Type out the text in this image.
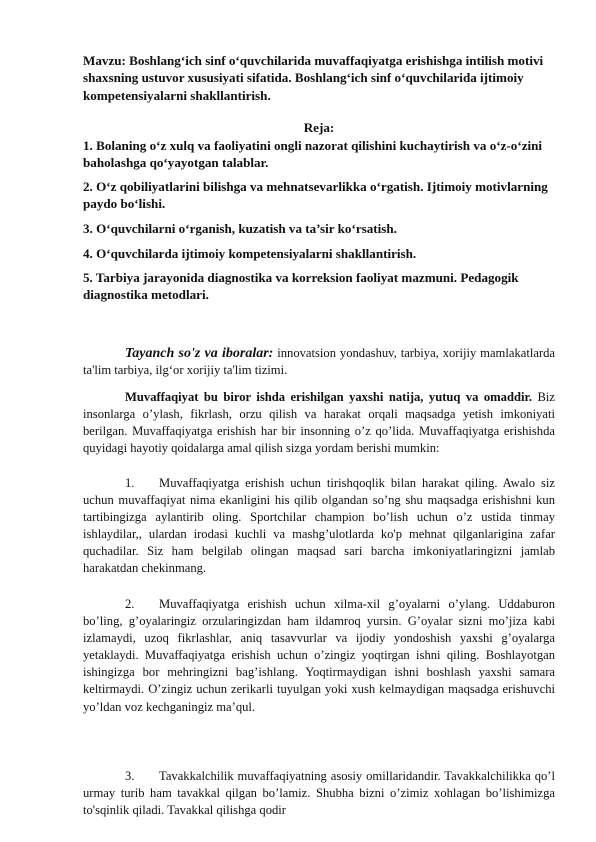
Mavzu: Boshlang‘ich sinf o‘quvchilarida muvaffaqiyatga erishishga intilish motivi shaxsning ustuvor xususiyati sifatida. Boshlang‘ich sinf o‘quvchilarida ijtimoiy kompetensiyalarni shakllantirish.

Reja:

1. Bolaning o‘z xulq va faoliyatini ongli nazorat qilishini kuchaytirish va o‘z-o‘zini baholashga qo‘yayotgan talablar.

2. O‘z qobiliyatlarini bilishga va mehnatsevarlikka o‘rgatish. Ijtimoiy motivlarning paydo bo‘lishi.

3. O‘quvchilarni o‘rganish, kuzatish va ta’sir ko‘rsatish.

4. O‘quvchilarda ijtimoiy kompetensiyalarni shakllantirish.

5. Tarbiya jarayonida diagnostika va korreksion faoliyat mazmuni. Pedagogik diagnostika metodlari.

Tayanch so'z va iboralar: innovatsion yondashuv, tarbiya, xorijiy mamlakatlarda ta'lim tarbiya, ilg‘or xorijiy ta'lim tizimi.

Muvaffaqiyat bu biror ishda erishilgan yaxshi natija, yutuq va omaddir. Biz insonlarga o’ylash, fikrlash, orzu qilish va harakat orqali maqsadga yetish imkoniyati berilgan. Muvaffaqiyatga erishish har bir insonning o’z qo’lida. Muvaffaqiyatga erishishda quyidagi hayotiy qoidalarga amal qilish sizga yordam berishi mumkin:

1. Muvaffaqiyatga erishish uchun tirishqoqlik bilan harakat qiling. Awalo siz uchun muvaffaqiyat nima ekanligini his qilib olgandan so’ng shu maqsadga erishishni kun tartibingizga aylantirib oling. Sportchilar champion bo’lish uchun o’z ustida tinmay ishlaydilar,, ulardan irodasi kuchli va mashg’ulotlarda ko'p mehnat qilganlarigina zafar quchadilar. Siz ham belgilab olingan maqsad sari barcha imkoniyatlaringizni jamlab harakatdan chekinmang.

2. Muvaffaqiyatga erishish uchun xilma-xil g’oyalarni o’ylang. Uddaburon bo’ling, g’oyalaringiz orzularingizdan ham ildamroq yursin. G’oyalar sizni mo’jiza kabi izlamaydi, uzoq fikrlashlar, aniq tasavvurlar va ijodiy yondoshish yaxshi g’oyalarga yetaklaydi. Muvaffaqiyatga erishish uchun o’zingiz yoqtirgan ishni qiling. Boshlayotgan ishingizga bor mehringizni bag’ishlang. Yoqtirmaydigan ishni boshlash yaxshi samara keltirmaydi. O’zingiz uchun zerikarli tuyulgan yoki xush kelmaydigan maqsadga erishuvchi yo’ldan voz kechganingiz ma’qul.

3. Tavakkalchilik muvaffaqiyatning asosiy omillaridandir. Tavakkalchilikka qo’l urmay turib ham tavakkal qilgan bo’lamiz. Shubha bizni o’zimiz xohlagan bo’lishimizga to'sqinlik qiladi. Tavakkal qilishga qodir
